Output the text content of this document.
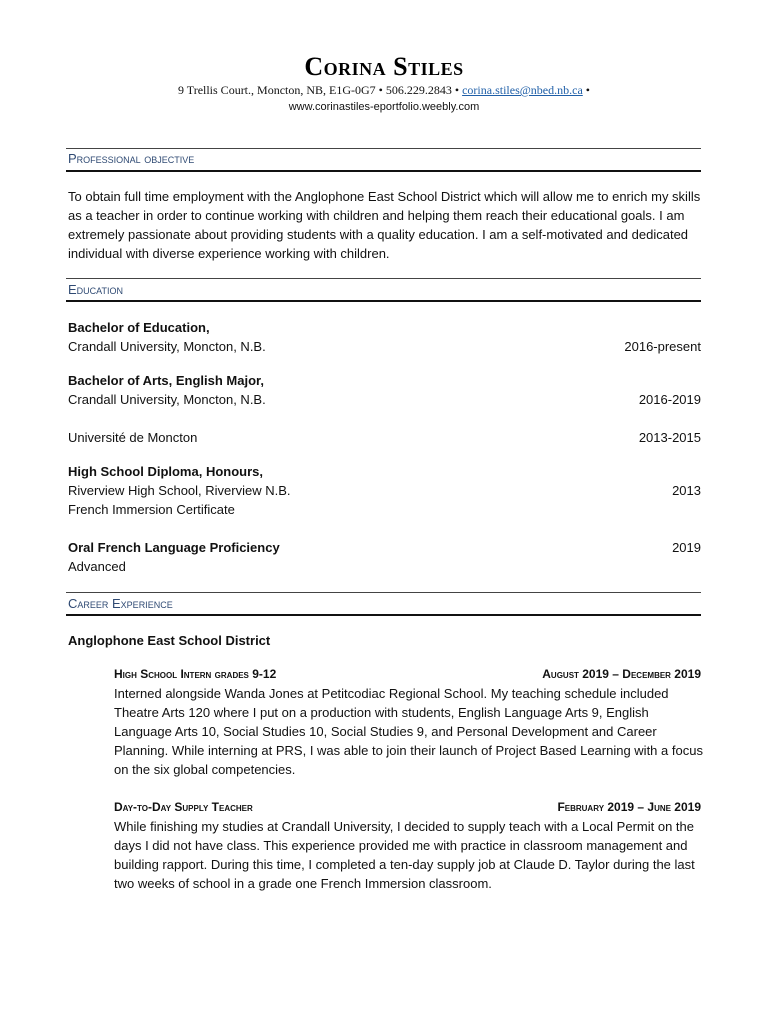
Corina Stiles
9 Trellis Court., Moncton, NB, E1G-0G7 • 506.229.2843 • corina.stiles@nbed.nb.ca •
www.corinastiles-eportfolio.weebly.com
Professional objective
To obtain full time employment with the Anglophone East School District which will allow me to enrich my skills as a teacher in order to continue working with children and helping them reach their educational goals. I am extremely passionate about providing students with a quality education. I am a self-motivated and dedicated individual with diverse experience working with children.
Education
Bachelor of Education,
Crandall University, Moncton, N.B.	2016-present
Bachelor of Arts, English Major,
Crandall University, Moncton, N.B.	2016-2019
Université de Moncton	2013-2015
High School Diploma, Honours,
Riverview High School, Riverview N.B.	2013
French Immersion Certificate
Oral French Language Proficiency	2019
Advanced
Career Experience
Anglophone East School District
High School Intern grades 9-12	August 2019 – December 2019
Interned alongside Wanda Jones at Petitcodiac Regional School. My teaching schedule included Theatre Arts 120 where I put on a production with students, English Language Arts 9, English Language Arts 10, Social Studies 10, Social Studies 9, and Personal Development and Career Planning. While interning at PRS, I was able to join their launch of Project Based Learning with a focus on the six global competencies.
Day-to-Day Supply Teacher	February 2019 – June 2019
While finishing my studies at Crandall University, I decided to supply teach with a Local Permit on the days I did not have class. This experience provided me with practice in classroom management and building rapport. During this time, I completed a ten-day supply job at Claude D. Taylor during the last two weeks of school in a grade one French Immersion classroom.
